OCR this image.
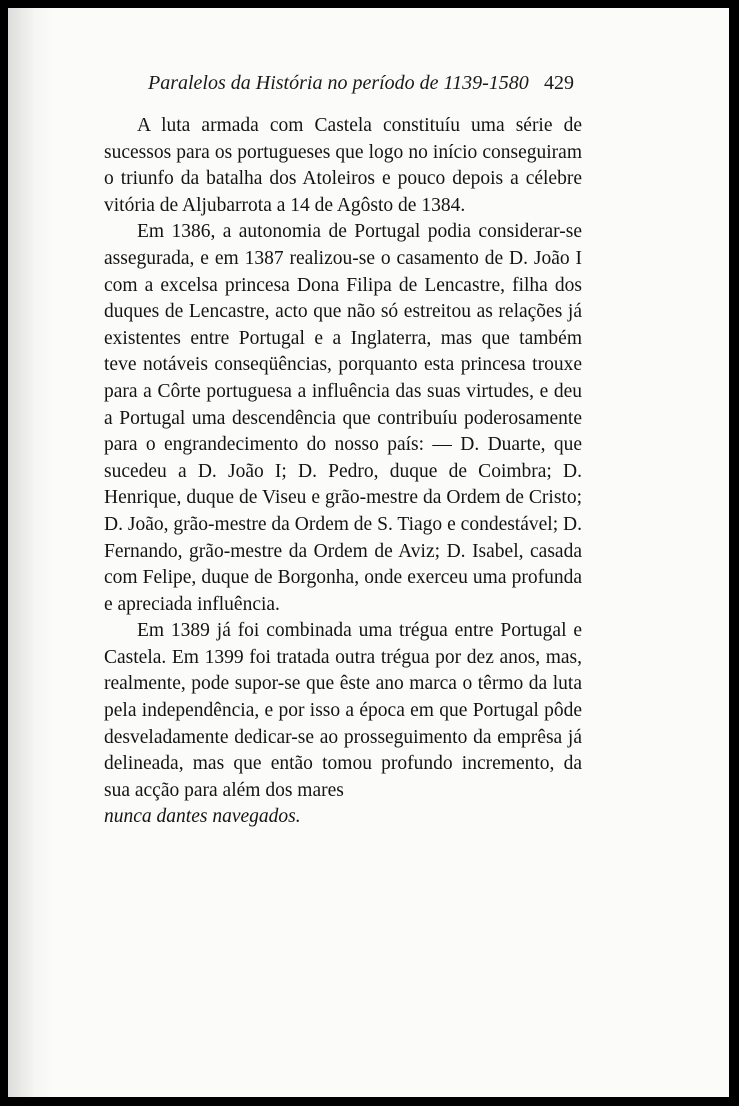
Paralelos da História no período de 1139-1580 429

A luta armada com Castela constituíu uma série de sucessos para os portugueses que logo no início conseguiram o triunfo da batalha dos Atoleiros e pouco depois a célebre vitória de Aljubarrota a 14 de Agôsto de 1384.

Em 1386, a autonomia de Portugal podia considerar-se assegurada, e em 1387 realizou-se o casamento de D. João I com a excelsa princesa Dona Filipa de Lencastre, filha dos duques de Lencastre, acto que não só estreitou as relações já existentes entre Portugal e a Inglaterra, mas que também teve notáveis conseqüências, porquanto esta princesa trouxe para a Côrte portuguesa a influência das suas virtudes, e deu a Portugal uma descendência que contribuíu poderosamente para o engrandecimento do nosso país: — D. Duarte, que sucedeu a D. João I; D. Pedro, duque de Coimbra; D. Henrique, duque de Viseu e grão-mestre da Ordem de Cristo; D. João, grão-mestre da Ordem de S. Tiago e condestável; D. Fernando, grão-mestre da Ordem de Aviz; D. Isabel, casada com Felipe, duque de Borgonha, onde exerceu uma profunda e apreciada influência.

Em 1389 já foi combinada uma trégua entre Portugal e Castela. Em 1399 foi tratada outra trégua por dez anos, mas, realmente, pode supor-se que êste ano marca o têrmo da luta pela independência, e por isso a época em que Portugal pôde desveladamente dedicar-se ao prosseguimento da emprêsa já delineada, mas que então tomou profundo incremento, da sua acção para além dos mares
nunca dantes navegados.
